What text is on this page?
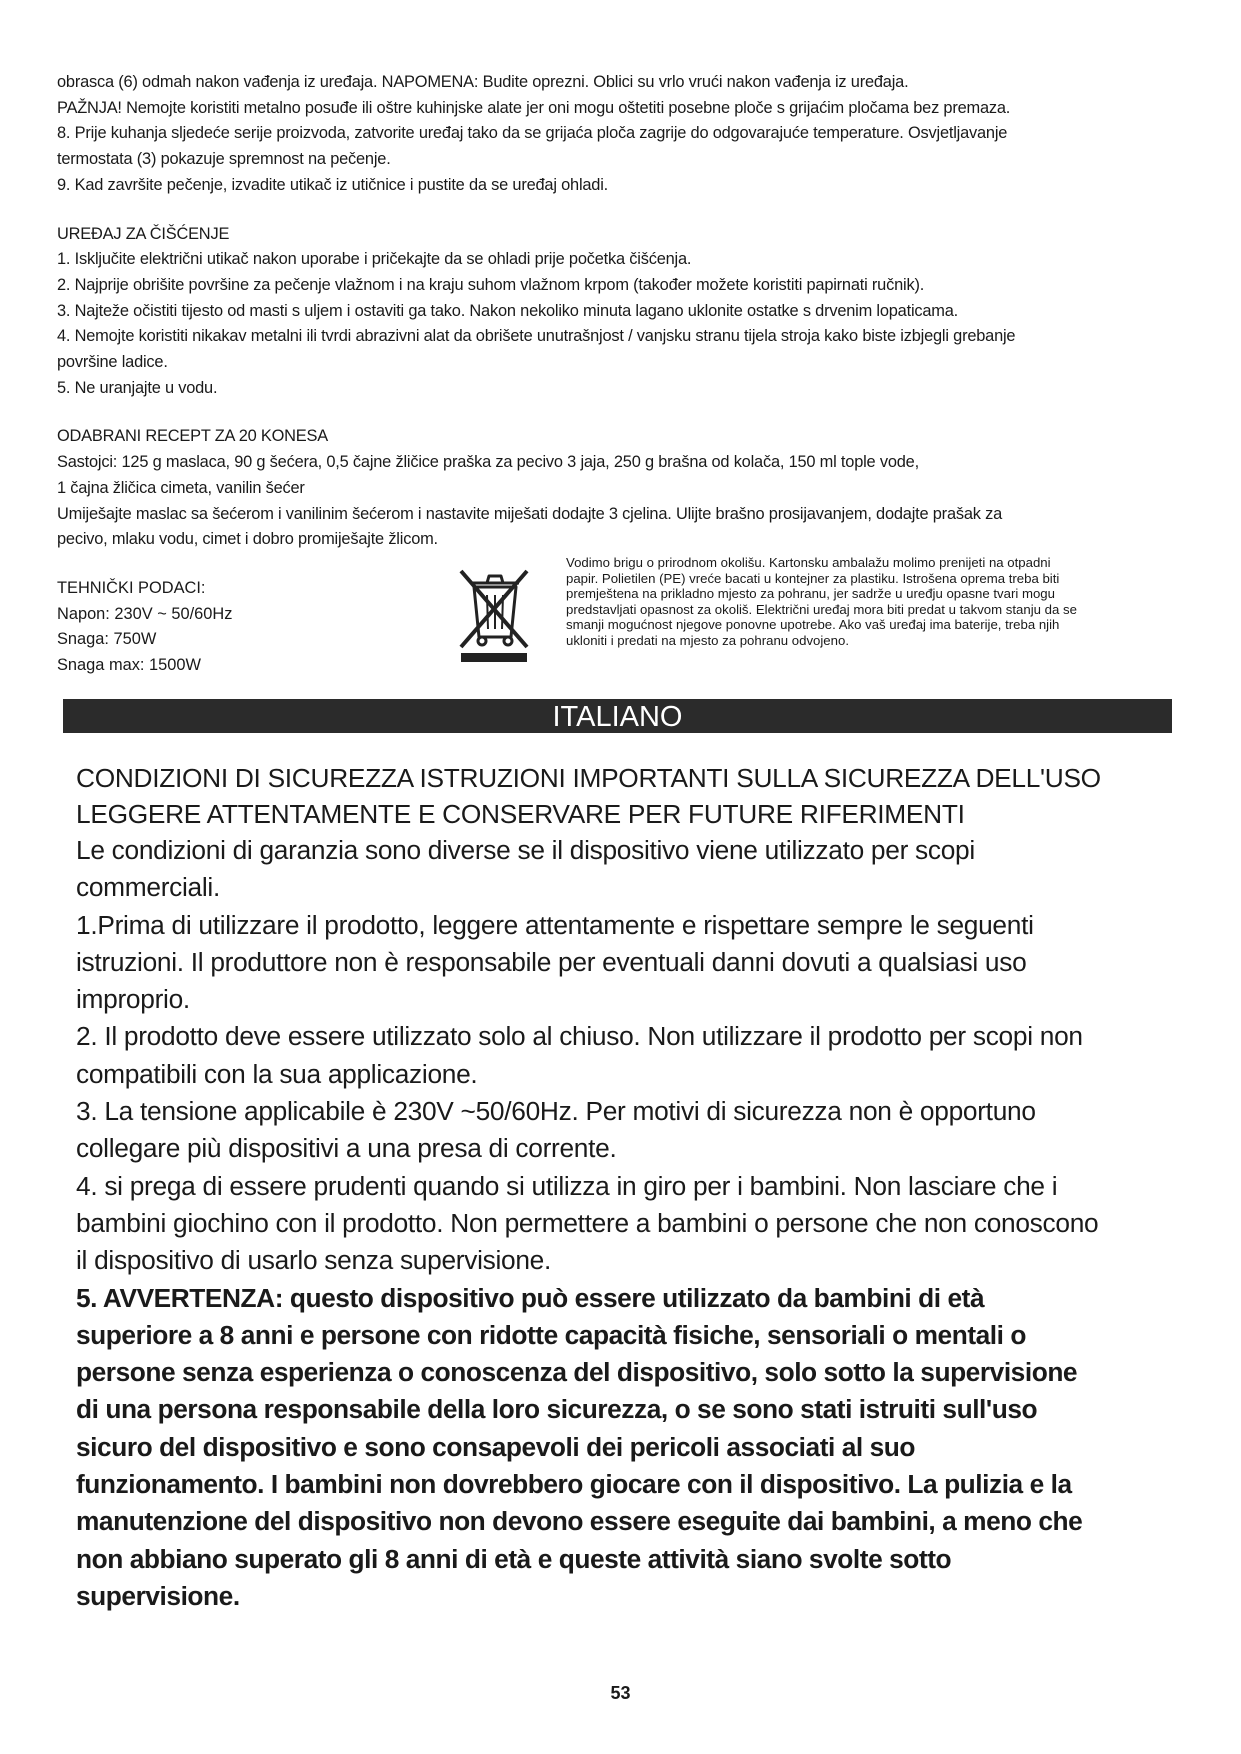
obrasca (6) odmah nakon vađenja iz uređaja. NAPOMENA: Budite oprezni. Oblici su vrlo vrući nakon vađenja iz uređaja.

PAŽNJA! Nemojte koristiti metalno posuđe ili oštre kuhinjske alate jer oni mogu oštetiti posebne ploče s grijaćim pločama bez premaza.

8. Prije kuhanja sljedeće serije proizvoda, zatvorite uređaj tako da se grijaća ploča zagrije do odgovarajuće temperature. Osvjetljavanje

termostata (3) pokazuje spremnost na pečenje.

9. Kad završite pečenje, izvadite utikač iz utičnice i pustite da se uređaj ohladi.

UREĐAJ ZA ČIŠĆENJE

1. Isključite električni utikač nakon uporabe i pričekajte da se ohladi prije početka čišćenja.

2. Najprije obrišite površine za pečenje vlažnom i na kraju suhom vlažnom krpom (također možete koristiti papirnati ručnik).

3. Najteže očistiti tijesto od masti s uljem i ostaviti ga tako. Nakon nekoliko minuta lagano uklonite ostatke s drvenim lopaticama.

4. Nemojte koristiti nikakav metalni ili tvrdi abrazivni alat da obrišete unutrašnjost / vanjsku stranu tijela stroja kako biste izbjegli grebanje

površine ladice.

5. Ne uranjajte u vodu.

ODABRANI RECEPT ZA 20 KONESA

Sastojci: 125 g maslaca, 90 g šećera, 0,5 čajne žličice praška za pecivo 3 jaja, 250 g brašna od kolača, 150 ml tople vode,

1 čajna žličica cimeta, vanilin šećer

Umiješajte maslac sa šećerom i vanilinim šećerom i nastavite miješati dodajte 3 cjelina. Ulijte brašno prosijavanjem, dodajte prašak za

pecivo, mlaku vodu, cimet i dobro promiješajte žlicom.

TEHNIČKI PODACI:

Napon: 230V ~ 50/60Hz

Snaga: 750W

Snaga max: 1500W

Vodimo brigu o prirodnom okolišu. Kartonsku ambalažu molimo prenijeti na otpadni

papir. Polietilen (PE) vreće bacati u kontejner za plastiku. Istrošena oprema treba biti

premještena na prikladno mjesto za pohranu, jer sadrže u uređju opasne tvari mogu

predstavljati opasnost za okoliš. Električni uređaj mora biti predat u takvom stanju da se

smanji mogućnost njegove ponovne upotrebe. Ako vaš uređaj ima baterije, treba njih

ukloniti i predati na mjesto za pohranu odvojeno.

ITALIANO

CONDIZIONI DI SICUREZZA ISTRUZIONI IMPORTANTI SULLA SICUREZZA DELL'USO

LEGGERE ATTENTAMENTE E CONSERVARE PER FUTURE RIFERIMENTI

Le condizioni di garanzia sono diverse se il dispositivo viene utilizzato per scopi

commerciali.

1.Prima di utilizzare il prodotto, leggere attentamente e rispettare sempre le seguenti

istruzioni. Il produttore non è responsabile per eventuali danni dovuti a qualsiasi uso

improprio.

2. Il prodotto deve essere utilizzato solo al chiuso. Non utilizzare il prodotto per scopi non

compatibili con la sua applicazione.

3. La tensione applicabile è 230V ~50/60Hz. Per motivi di sicurezza non è opportuno

collegare più dispositivi a una presa di corrente.

4. si prega di essere prudenti quando si utilizza in giro per i bambini. Non lasciare che i

bambini giochino con il prodotto. Non permettere a bambini o persone che non conoscono

il dispositivo di usarlo senza supervisione.

5. AVVERTENZA: questo dispositivo può essere utilizzato da bambini di età

superiore a 8 anni e persone con ridotte capacità fisiche, sensoriali o mentali o

persone senza esperienza o conoscenza del dispositivo, solo sotto la supervisione

di una persona responsabile della loro sicurezza, o se sono stati istruiti sull'uso

sicuro del dispositivo e sono consapevoli dei pericoli associati al suo

funzionamento. I bambini non dovrebbero giocare con il dispositivo. La pulizia e la

manutenzione del dispositivo non devono essere eseguite dai bambini, a meno che

non abbiano superato gli 8 anni di età e queste attività siano svolte sotto

supervisione.

53
